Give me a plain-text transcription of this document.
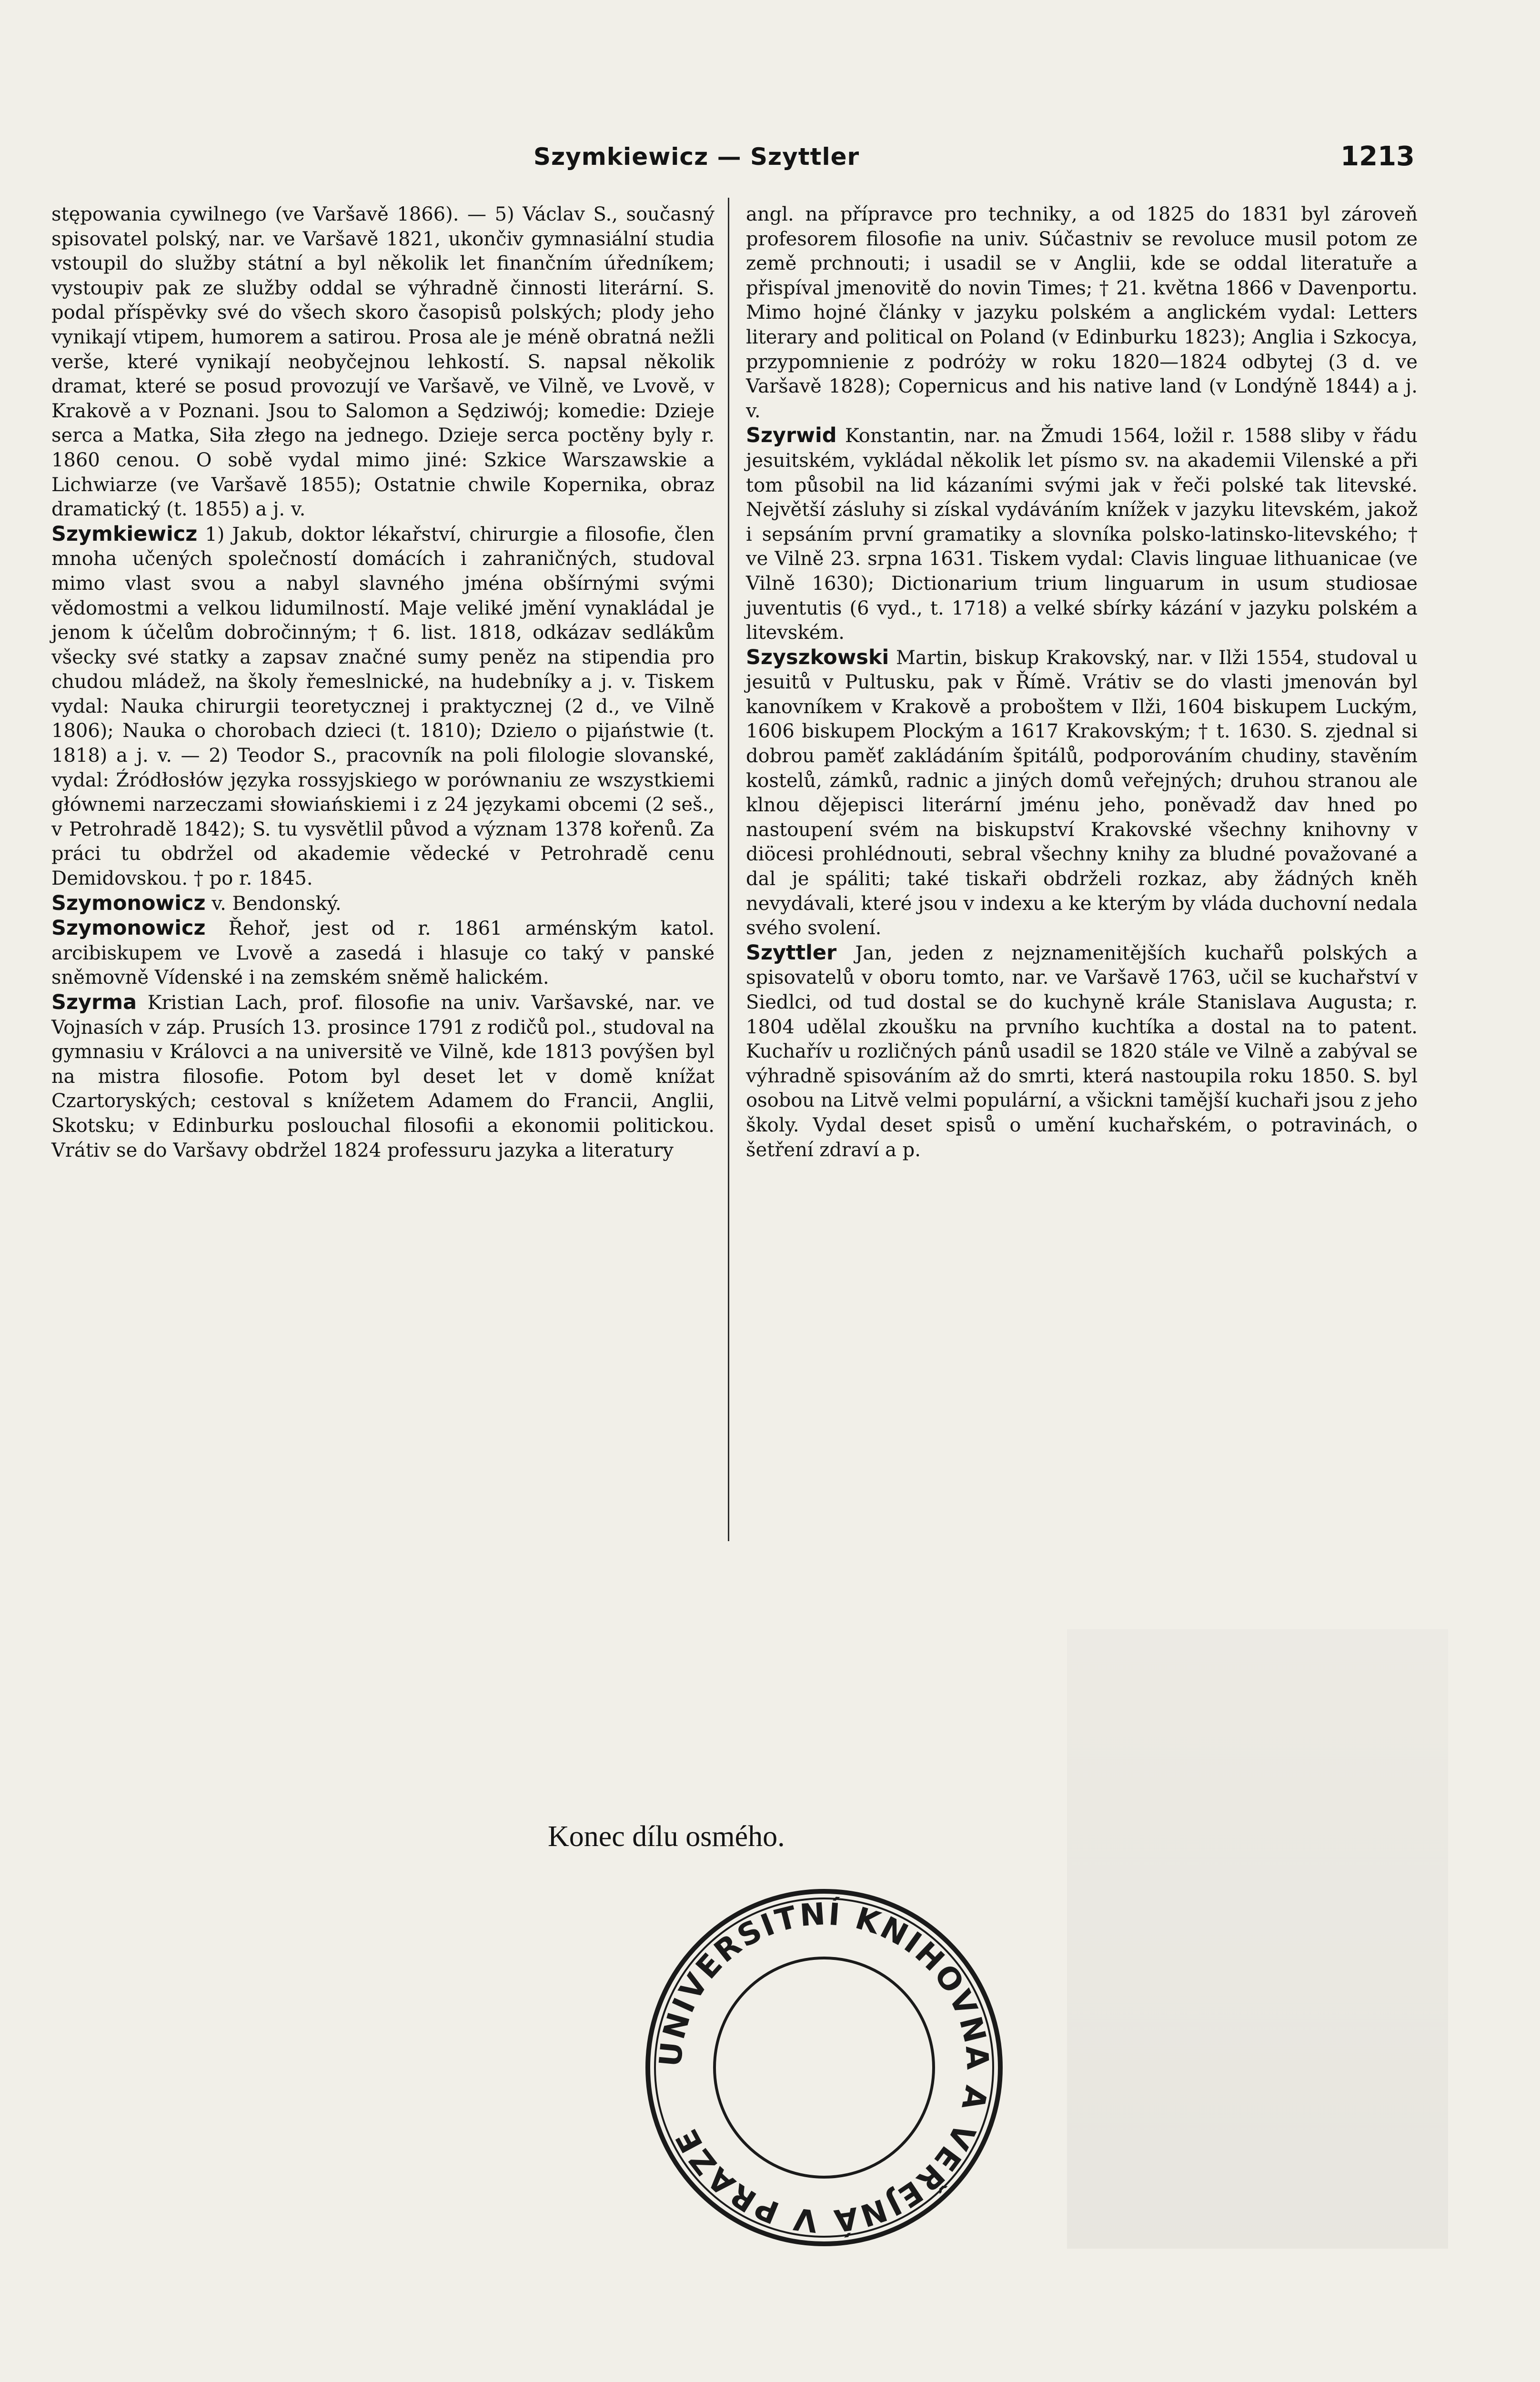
Szymkiewicz — Szyttler	1213

stępowania cywilnego (ve Varšavě 1866). — 5) Václav S., současný spisovatel polský, nar. ve Varšavě 1821, ukončiv gymnasiální studia vstoupil do služby státní a byl několik let finančním úředníkem; vystoupiv pak ze služby oddal se výhradně činnosti literární. S. podal příspěvky své do všech skoro časopisů polských; plody jeho vynikají vtipem, humorem a satirou. Prosa ale je méně obratná nežli verše, které vynikají neobyčejnou lehkostí. S. napsal několik dramat, které se posud provozují ve Varšavě, ve Vilně, ve Lvově, v Krakově a v Poznani. Jsou to Salomon a Sędziwój; komedie: Dzieje serca a Matka, Siła złego na jednego. Dzieje serca poctěny byly r. 1860 cenou. O sobě vydal mimo jiné: Szkice Warszawskie a Lichwiarze (ve Varšavě 1855); Ostatnie chwile Kopernika, obraz dramatický (t. 1855) a j. v.

Szymkiewicz 1) Jakub, doktor lékařství, chirurgie a filosofie, člen mnoha učených společností domácích i zahraničných, studoval mimo vlast svou a nabyl slavného jména obšírnými svými vědomostmi a velkou lidumilností. Maje veliké jmění vynakládal je jenom k účelům dobročinným; † 6. list. 1818, odkázav sedlákům všecky své statky a zapsav značné sumy peněz na stipendia pro chudou mládež, na školy řemeslnické, na hudebníky a j. v. Tiskem vydal: Nauka chirurgii teoretycznej i praktycznej (2 d., ve Vilně 1806); Nauka o chorobach dzieci (t. 1810); Dziело o pijaństwie (t. 1818) a j. v. — 2) Teodor S., pracovník na poli filologie slovanské, vydal: Źródłosłów języka rossyjskiego w porównaniu ze wszystkiemi głównemi narzeczami słowiańskiemi i z 24 językami obcemi (2 seš., v Petrohradě 1842); S. tu vysvětlil původ a význam 1378 kořenů. Za práci tu obdržel od akademie vědecké v Petrohradě cenu Demidovskou. † po r. 1845.

Szymonowicz v. Bendonský.

Szymonowicz Řehoř, jest od r. 1861 arménským katol. arcibiskupem ve Lvově a zasedá i hlasuje co taký v panské sněmovně Vídenské i na zemském sněmě halickém.

Szyrma Kristian Lach, prof. filosofie na univ. Varšavské, nar. ve Vojnasích v záp. Prusích 13. prosince 1791 z rodičů pol., studoval na gymnasiu v Královci a na universitě ve Vilně, kde 1813 povýšen byl na mistra filosofie. Potom byl deset let v domě knížat Czartoryských; cestoval s knížetem Adamem do Francii, Anglii, Skotsku; v Edinburku poslouchal filosofii a ekonomii politickou. Vrátiv se do Varšavy obdržel 1824 professuru jazyka a literatury

angl. na přípravce pro technikу, a od 1825 do 1831 byl zároveň profesorem filosofie na univ. Súčastniv se revoluce musil potom ze země prchnouti; i usadil se v Anglii, kde se oddal literatuře a přispíval jmenovitě do novin Times; † 21. května 1866 v Davenportu. Mimo hojné články v jazyku polském a anglickém vydal: Letters literary and political on Poland (v Edinburku 1823); Anglia i Szkocya, przypomnienie z podróży w roku 1820—1824 odbytej (3 d. ve Varšavě 1828); Copernicus and his native land (v Londýně 1844) a j. v.

Szyrwid Konstantin, nar. na Žmudi 1564, ložil r. 1588 sliby v řádu jesuitském, vykládal několik let písmo sv. na akademii Vilenské a při tom působil na lid kázaními svými jak v řeči polské tak litevské. Největší zásluhy si získal vydáváním knížek v jazyku litevském, jakož i sepsáním první gramatiky a slovníka polsko-latinsko-litevského; † ve Vilně 23. srpna 1631. Tiskem vydal: Clavis linguae lithuanicae (ve Vilně 1630); Dictionarium trium linguarum in usum studiosae juventutis (6 vyd., t. 1718) a velké sbírky kázání v jazyku polském a litevském.

Szyszkowski Martin, biskup Krakovský, nar. v Ilži 1554, studoval u jesuitů v Pultusku, pak v Římě. Vrátiv se do vlasti jmenován byl kanovníkem v Krakově a proboštem v Ilži, 1604 biskupem Luckým, 1606 biskupem Plockým a 1617 Krakovským; † t. 1630. S. zjednal si dobrou paměť zakládáním špitálů, podporováním chudiny, stavěním kostelů, zámků, radnic a jiných domů veřejných; druhou stranou ale klnou dějepisci literární jménu jeho, poněvadž dav hned po nastoupení svém na biskupství Krakovské všechny knihovny v diöcesi prohlédnouti, sebral všechny knihy za bludné považované a dal je spáliti; také tiskaři obdrželi rozkaz, aby žádných kněh nevydávali, které jsou v indexu a ke kterým by vláda duchovní nedala svého svolení.

Szyttler Jan, jeden z nejznamenitějších kuchařů polských a spisovatelů v oboru tomto, nar. ve Varšavě 1763, učil se kuchařství v Siedlci, od tud dostal se do kuchyně krále Stanislava Augusta; r. 1804 udělal zkoušku na prvního kuchtíka a dostal na to patent. Kuchařív u rozličných pánů usadil se 1820 stále ve Vilně a zabýval se výhradně spisováním až do smrti, která nastoupila roku 1850. S. byl osobou na Litvě velmi populární, a všickni tamější kuchaři jsou z jeho školy. Vydal deset spisů o umění kuchařském, o potravinách, o šetření zdraví a p.

Konec dílu osmého.
UNIVERSITNÍ KNIHOVNA A VEŘEJNÁ V PRAZE
